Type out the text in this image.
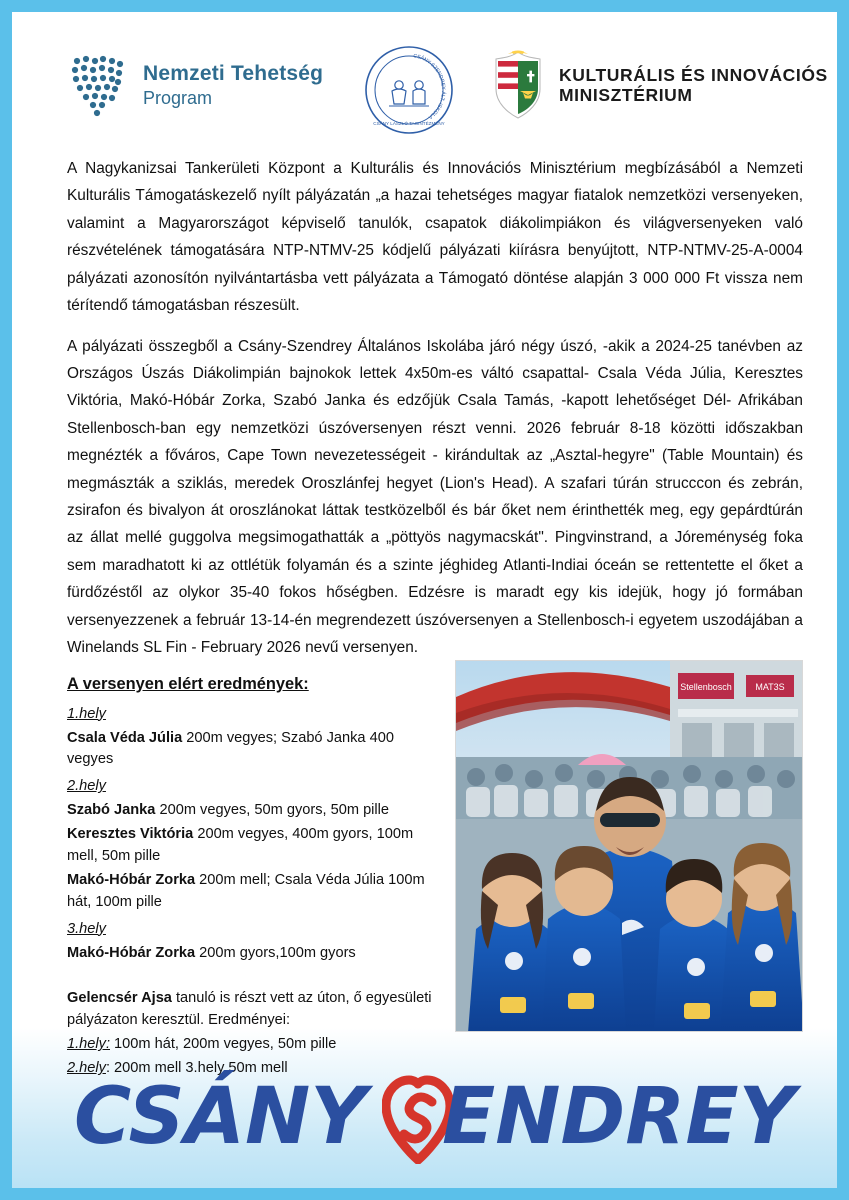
Nemzeti Tehetség
Program
CSÁNY-SZENDREY ÁLT. ISKOLA
CSÁNY LÁSZLÓ TAGINTÉZMÉNY
KULTURÁLIS ÉS INNOVÁCIÓS
MINISZTÉRIUM

A Nagykanizsai Tankerületi Központ a Kulturális és Innovációs Minisztérium megbízásából a Nemzeti Kulturális Támogatáskezelő nyílt pályázatán „a hazai tehetséges magyar fiatalok nemzetközi versenyeken, valamint a Magyarországot képviselő tanulók, csapatok diákolimpiákon és világversenyeken való részvételének támogatására NTP-NTMV-25 kódjelű pályázati kiírásra benyújtott, NTP-NTMV-25-A-0004 pályázati azonosítón nyilvántartásba vett pályázata a Támogató döntése alapján 3 000 000 Ft vissza nem térítendő támogatásban részesült.

A pályázati összegből a Csány-Szendrey Általános Iskolába járó négy úszó, -akik a 2024-25 tanévben az Országos Úszás Diákolimpián bajnokok lettek 4x50m-es váltó csapattal- Csala Véda Júlia, Keresztes Viktória, Makó-Hóbár Zorka, Szabó Janka és edzőjük Csala Tamás, -kapott lehetőséget Dél- Afrikában Stellenbosch-ban egy nemzetközi úszóversenyen részt venni. 2026 február 8-18 közötti időszakban megnézték a főváros, Cape Town nevezetességeit - kirándultak az „Asztal-hegyre" (Table Mountain) és megmászták a sziklás, meredek Oroszlánfej hegyet (Lion's Head). A szafari túrán strucccon és zebrán, zsirafon és bivalyon át oroszlánokat láttak testközelből és bár őket nem érinthették meg, egy gepárdtúrán az állat mellé guggolva megsimogathatták a „pöttyös nagymacskát". Pingvinstrand, a Jóreménység foka sem maradhatott ki az ottlétük folyamán és a szinte jéghideg Atlanti-Indiai óceán se rettentette el őket a fürdőzéstől az olykor 35-40 fokos hőségben. Edzésre is maradt egy kis idejük, hogy jó formában versenyezzenek a február 13-14-én megrendezett úszóversenyen a Stellenbosch-i egyetem uszodájában a Winelands SL Fin - February 2026 nevű versenyen.

A versenyen elért eredmények:
1.hely

Csala Véda Júlia 200m vegyes; Szabó Janka 400 vegyes

2.hely

Szabó Janka 200m vegyes, 50m gyors, 50m pille

Keresztes Viktória 200m vegyes, 400m gyors, 100m mell, 50m pille

Makó-Hóbár Zorka 200m mell; Csala Véda Júlia 100m hát, 100m pille

3.hely

Makó-Hóbár Zorka 200m gyors,100m gyors

Gelencsér Ajsa tanuló is részt vett az úton, ő egyesületi pályázaton keresztül. Eredményei:

1.hely: 100m hát, 200m vegyes, 50m pille

2.hely: 200m mell 3.hely 50m mell

Stellenbosch	MAT3S
CSÁNY ENDREY
